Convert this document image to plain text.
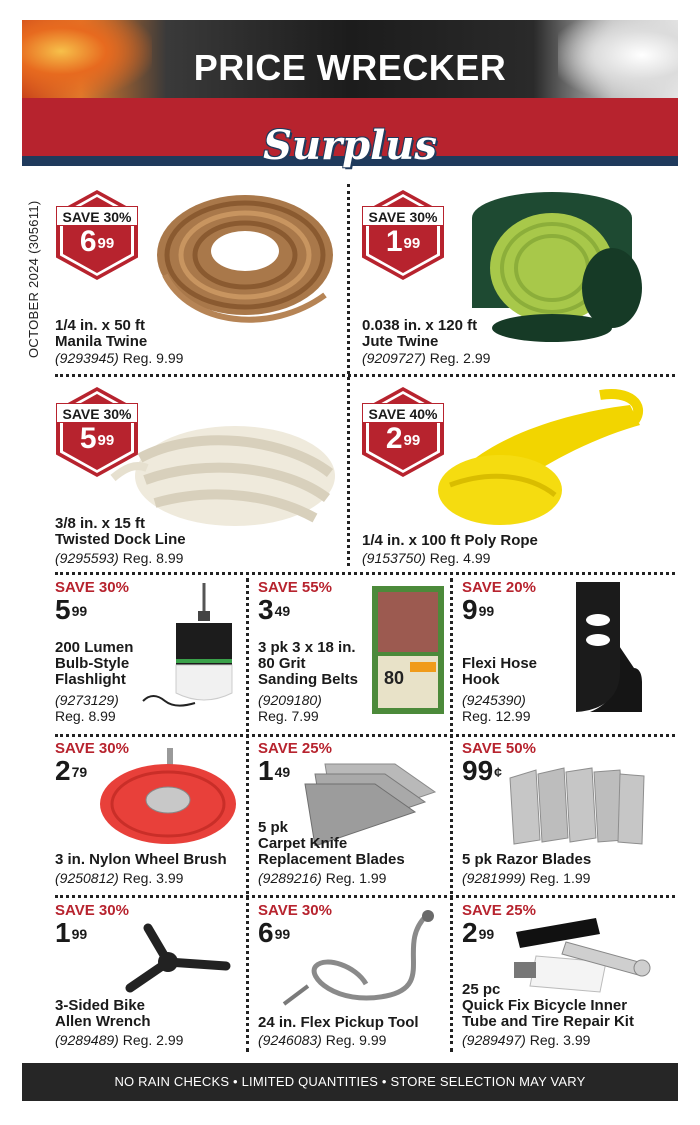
PRICE WRECKER
Surplus
OCTOBER 2024 (305611)	SAVE 30%
$6^{99}$
1/4 in. x 50 ft
Manila Twine
(9293945) Reg. 9.99
SAVE 30%
$1^{99}$
0.038 in. x 120 ft
Jute Twine
(9209727) Reg. 2.99
SAVE 30%
$5^{99}$
3/8 in. x 15 ft
Twisted Dock Line
(9295593) Reg. 8.99
SAVE 40%
$2^{99}$
1/4 in. x 100 ft Poly Rope
(9153750) Reg. 4.99
SAVE 30%
$5^{99}$
200 Lumen
Bulb-Style
Flashlight
(9273129)
Reg. 8.99
SAVE 55%
$3^{49}$
80
3 pk 3 x 18 in.
80 Grit
Sanding Belts
(9209180)
Reg. 7.99
SAVE 20%
$9^{99}$
Flexi Hose
Hook
(9245390)
Reg. 12.99
SAVE 30%
$2^{79}$
3 in. Nylon Wheel Brush
(9250812) Reg. 3.99
SAVE 25%
$1^{49}$
5 pk
Carpet Knife
Replacement Blades
(9289216) Reg. 1.99
SAVE 50%
99¢
5 pk Razor Blades
(9281999) Reg. 1.99
SAVE 30%
$1^{99}$
3-Sided Bike
Allen Wrench
(9289489) Reg. 2.99
SAVE 30%
$6^{99}$
24 in. Flex Pickup Tool
(9246083) Reg. 9.99
SAVE 25%
$2^{99}$
25 pc
Quick Fix Bicycle Inner
Tube and Tire Repair Kit
(9289497) Reg. 3.99
NO RAIN CHECKS • LIMITED QUANTITIES • STORE SELECTION MAY VARY
